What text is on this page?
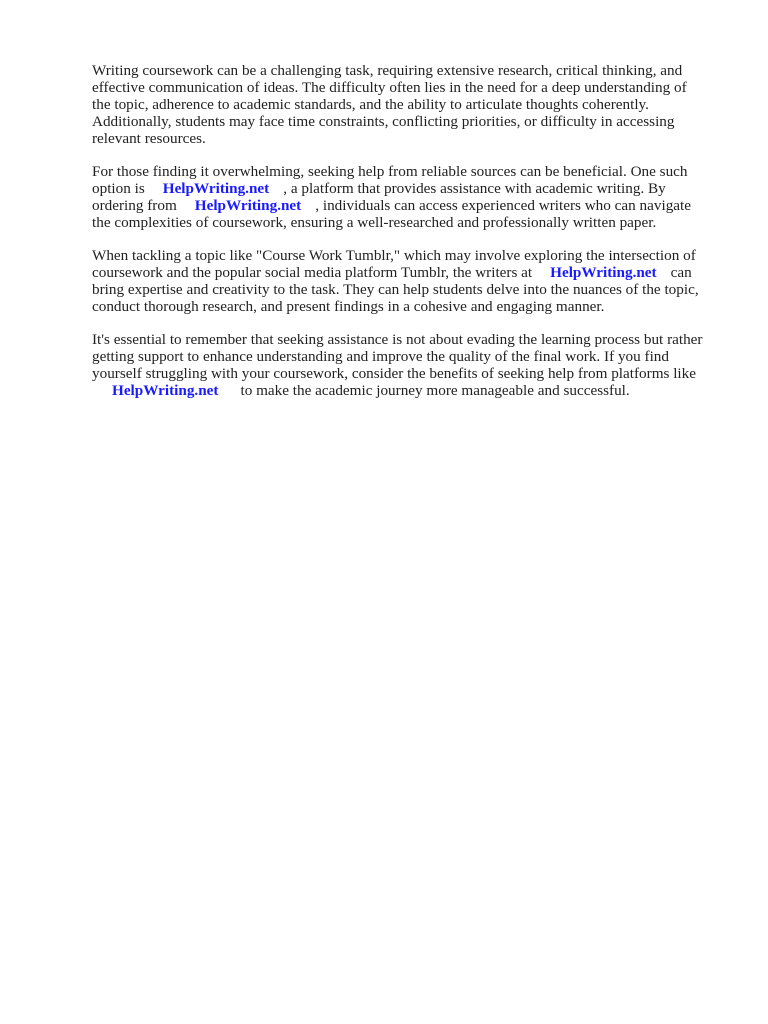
Writing coursework can be a challenging task, requiring extensive research, critical thinking, and
effective communication of ideas. The difficulty often lies in the need for a deep understanding of
the topic, adherence to academic standards, and the ability to articulate thoughts coherently.
Additionally, students may face time constraints, conflicting priorities, or difficulty in accessing
relevant resources.

For those finding it overwhelming, seeking help from reliable sources can be beneficial. One such
option is HelpWriting.net , a platform that provides assistance with academic writing. By
ordering from HelpWriting.net , individuals can access experienced writers who can navigate
the complexities of coursework, ensuring a well-researched and professionally written paper.

When tackling a topic like "Course Work Tumblr," which may involve exploring the intersection of
coursework and the popular social media platform Tumblr, the writers at HelpWriting.net can
bring expertise and creativity to the task. They can help students delve into the nuances of the topic,
conduct thorough research, and present findings in a cohesive and engaging manner.

It's essential to remember that seeking assistance is not about evading the learning process but rather
getting support to enhance understanding and improve the quality of the final work. If you find
yourself struggling with your coursework, consider the benefits of seeking help from platforms like
HelpWriting.net to make the academic journey more manageable and successful.
